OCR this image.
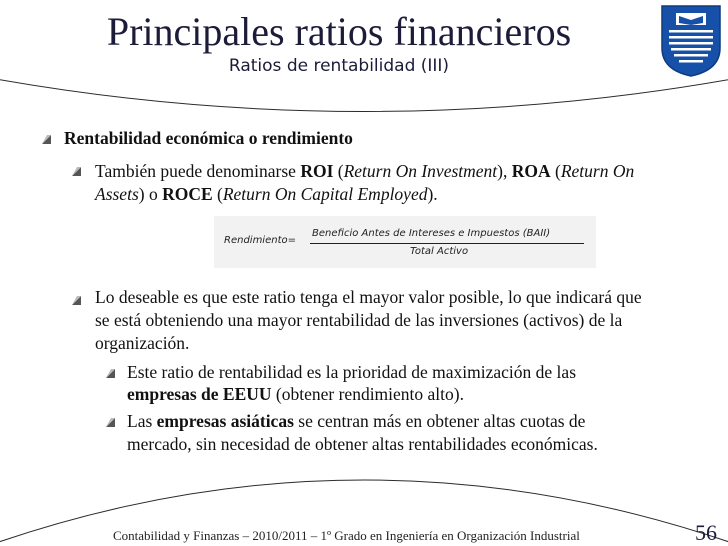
Principales ratios financieros
Ratios de rentabilidad (III)
Rentabilidad económica o rendimiento
También puede denominarse ROI (Return On Investment), ROA (Return On
Assets) o ROCE (Return On Capital Employed).
Rendimiento=
Beneficio Antes de Intereses e Impuestos (BAII)
Total Activo
Lo deseable es que este ratio tenga el mayor valor posible, lo que indicará que
se está obteniendo una mayor rentabilidad de las inversiones (activos) de la
organización.
Este ratio de rentabilidad es la prioridad de maximización de las
empresas de EEUU (obtener rendimiento alto).
Las empresas asiáticas se centran más en obtener altas cuotas de
mercado, sin necesidad de obtener altas rentabilidades económicas.
Contabilidad y Finanzas – 2010/2011 – 1º Grado en Ingeniería en Organización Industrial	56
